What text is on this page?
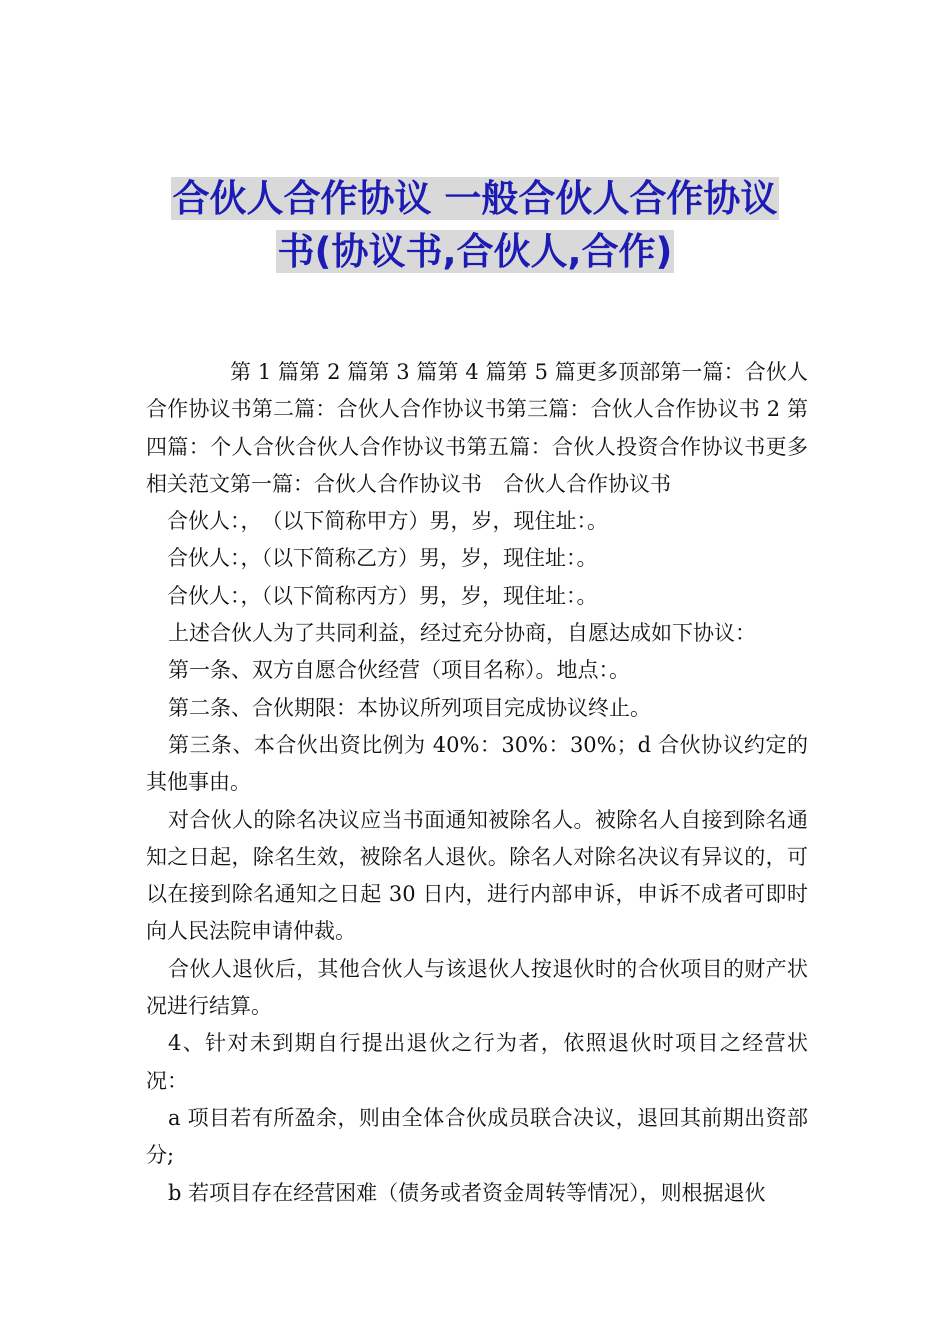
合伙人合作协议 一般合伙人合作协议
书(协议书,合伙人,合作)

第 1 篇第 2 篇第 3 篇第 4 篇第 5 篇更多顶部第一篇：合伙人合作协议书第二篇：合伙人合作协议书第三篇：合伙人合作协议书 2 第四篇：个人合伙合伙人合作协议书第五篇：合伙人投资合作协议书更多相关范文第一篇：合伙人合作协议书　合伙人合作协议书

合伙人：，　（以下简称甲方）男，岁，现住址：。

合伙人：，（以下简称乙方）男，岁，现住址：。

合伙人：，（以下简称丙方）男，岁，现住址：。

上述合伙人为了共同利益，经过充分协商，自愿达成如下协议：

第一条、双方自愿合伙经营（项目名称）。地点：。

第二条、合伙期限：本协议所列项目完成协议终止。

第三条、本合伙出资比例为 40%：30%：30%；d 合伙协议约定的其他事由。

对合伙人的除名决议应当书面通知被除名人。被除名人自接到除名通知之日起，除名生效，被除名人退伙。除名人对除名决议有异议的，可以在接到除名通知之日起 30 日内，进行内部申诉，申诉不成者可即时向人民法院申请仲裁。

合伙人退伙后，其他合伙人与该退伙人按退伙时的合伙项目的财产状况进行结算。

4、针对未到期自行提出退伙之行为者，依照退伙时项目之经营状况：

a 项目若有所盈余，则由全体合伙成员联合决议，退回其前期出资部分;

b 若项目存在经营困难（债务或者资金周转等情况），则根据退伙
